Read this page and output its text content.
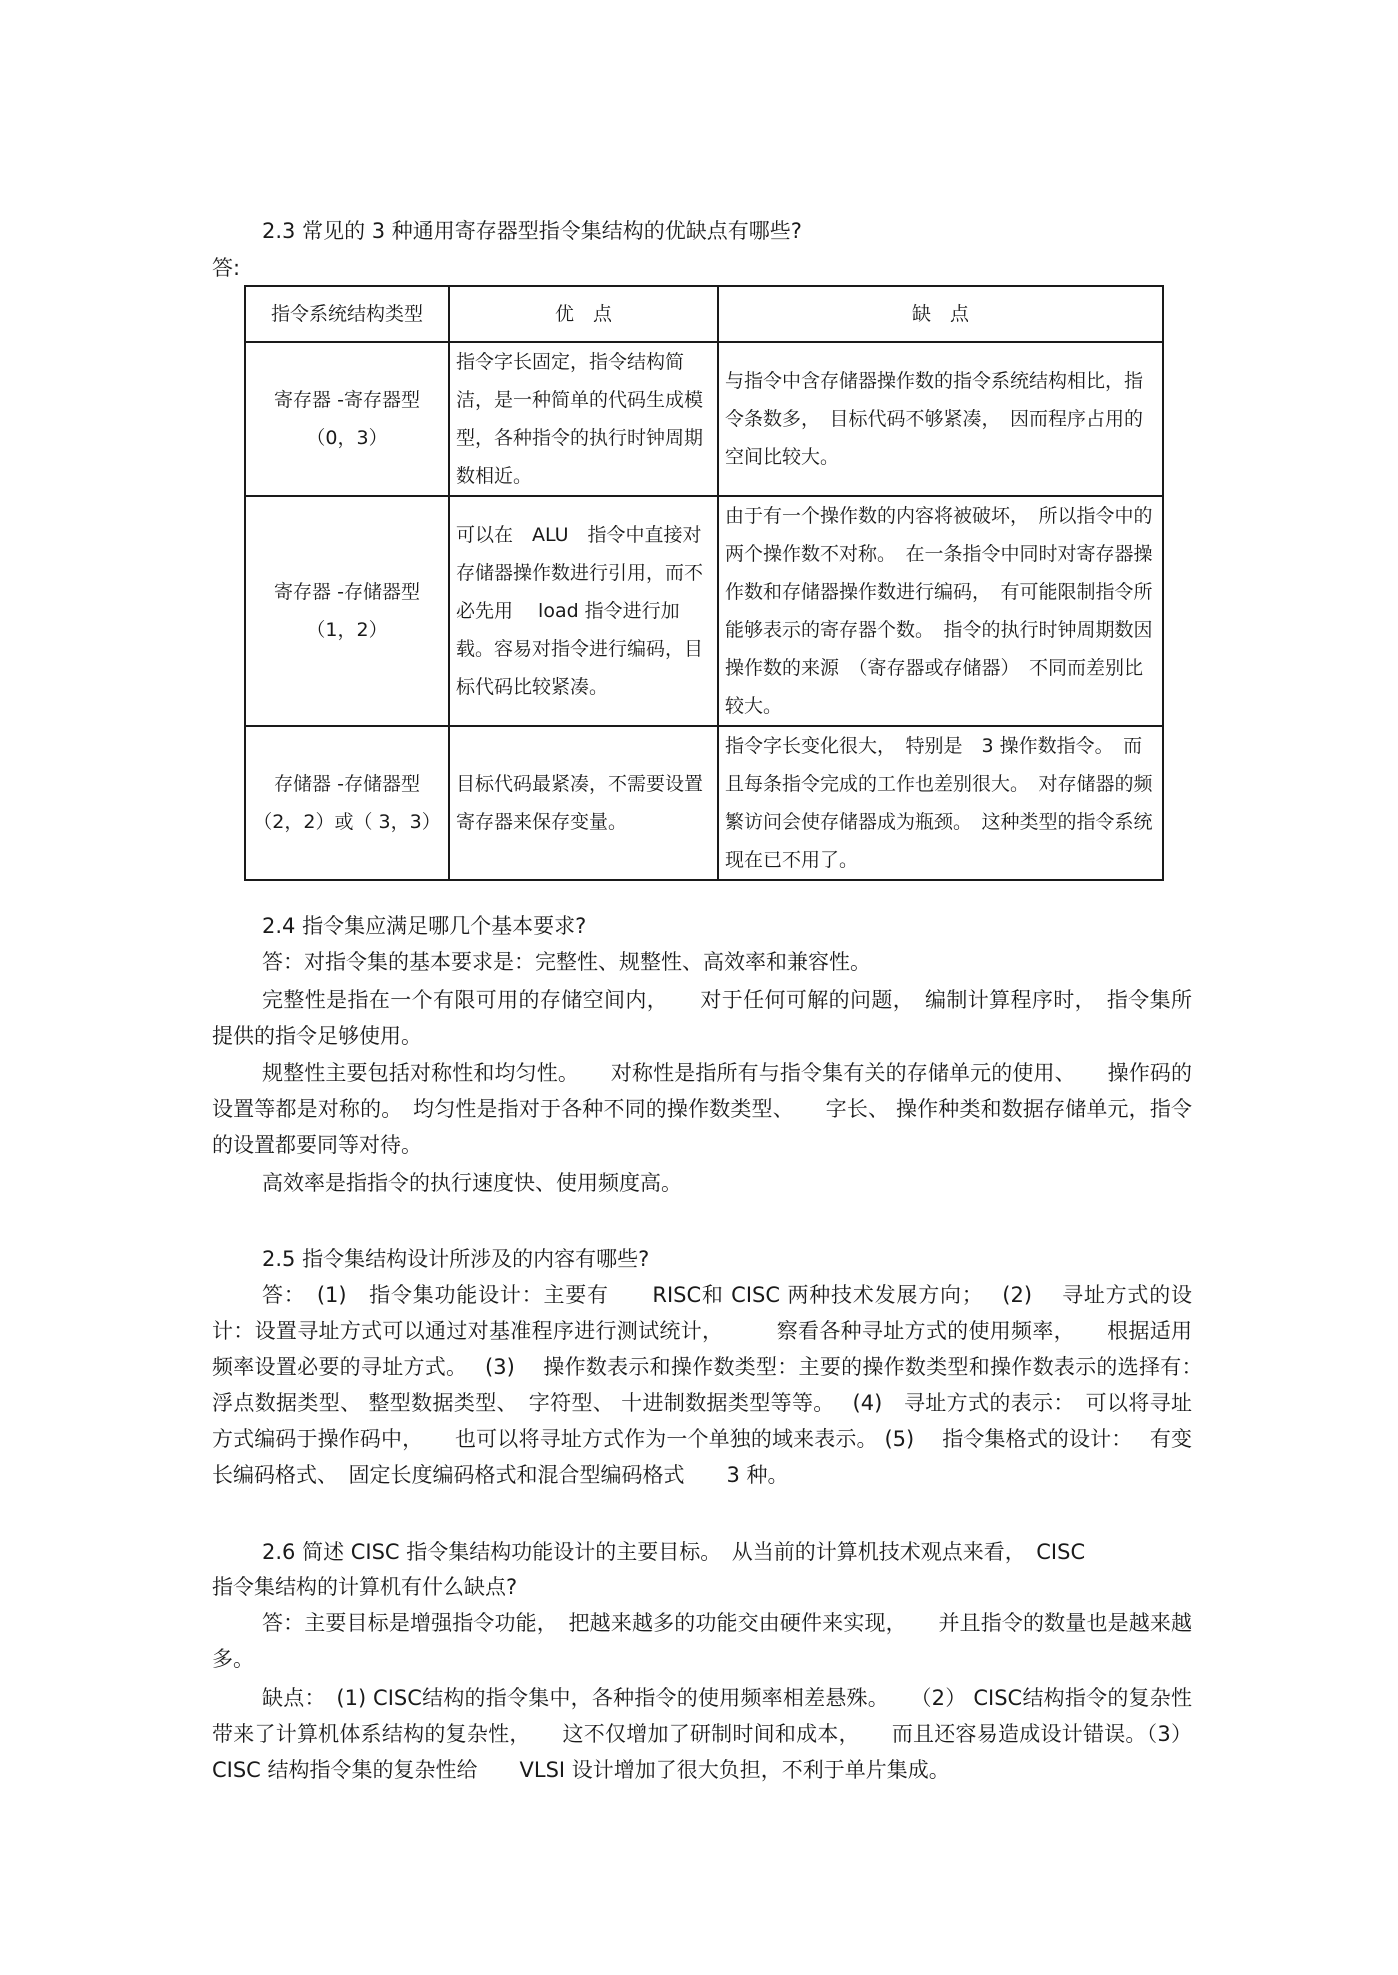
2.3 常见的 3 种通用寄存器型指令集结构的优缺点有哪些?
答:
指令系统结构类型	优　点	缺　点

寄存器 -寄存器型
（0，3）	指令字长固定，指令结构简洁，是一种简单的代码生成模型，各种指令的执行时钟周期数相近。	与指令中含存储器操作数的指令系统结构相比，指令条数多，　目标代码不够紧凑，　因而程序占用的空间比较大。

寄存器 -存储器型
（1，2）	可以在　ALU　指令中直接对存储器操作数进行引用，而不必先用　 load 指令进行加载。容易对指令进行编码，目标代码比较紧凑。	由于有一个操作数的内容将被破坏，　所以指令中的两个操作数不对称。　在一条指令中同时对寄存器操作数和存储器操作数进行编码，　有可能限制指令所能够表示的寄存器个数。　指令的执行时钟周期数因操作数的来源　（寄存器或存储器）　不同而差别比较大。

存储器 -存储器型
（2，2）或（ 3，3）	目标代码最紧凑，不需要设置寄存器来保存变量。	指令字长变化很大，　特别是　3 操作数指令。　而且每条指令完成的工作也差别很大。　对存储器的频繁访问会使存储器成为瓶颈。　这种类型的指令系统现在已不用了。
2.4 指令集应满足哪几个基本要求?
答：对指令集的基本要求是：完整性、规整性、高效率和兼容性。
完整性是指在一个有限可用的存储空间内，　　对于任何可解的问题，　编制计算程序时，　指令集所提供的指令足够使用。
规整性主要包括对称性和均匀性。　　对称性是指所有与指令集有关的存储单元的使用、　　操作码的设置等都是对称的。　均匀性是指对于各种不同的操作数类型、　　字长、 操作种类和数据存储单元，指令的设置都要同等对待。
高效率是指指令的执行速度快、使用频度高。
2.5 指令集结构设计所涉及的内容有哪些?
答：　(1)　指令集功能设计：主要有　　RISC和 CISC 两种技术发展方向；　 (2)　 寻址方式的设计：设置寻址方式可以通过对基准程序进行测试统计，　　　察看各种寻址方式的使用频率，　　根据适用频率设置必要的寻址方式。　 (3)　 操作数表示和操作数类型：主要的操作数类型和操作数表示的选择有：　浮点数据类型、 整型数据类型、　字符型、 十进制数据类型等等。　 (4)　寻址方式的表示：　可以将寻址方式编码于操作码中，　　也可以将寻址方式作为一个单独的域来表示。 (5)　 指令集格式的设计：　 有变长编码格式、　固定长度编码格式和混合型编码格式　　3 种。
2.6 简述 CISC 指令集结构功能设计的主要目标。　从当前的计算机技术观点来看，　CISC
指令集结构的计算机有什么缺点?
答：主要目标是增强指令功能，　把越来越多的功能交由硬件来实现，　　并且指令的数量也是越来越多。
缺点：　(1) CISC结构的指令集中，各种指令的使用频率相差悬殊。　　（2） CISC结构指令的复杂性带来了计算机体系结构的复杂性，　　这不仅增加了研制时间和成本，　　而且还容易造成设计错误。（3） CISC 结构指令集的复杂性给　　VLSI 设计增加了很大负担，不利于单片集成。
